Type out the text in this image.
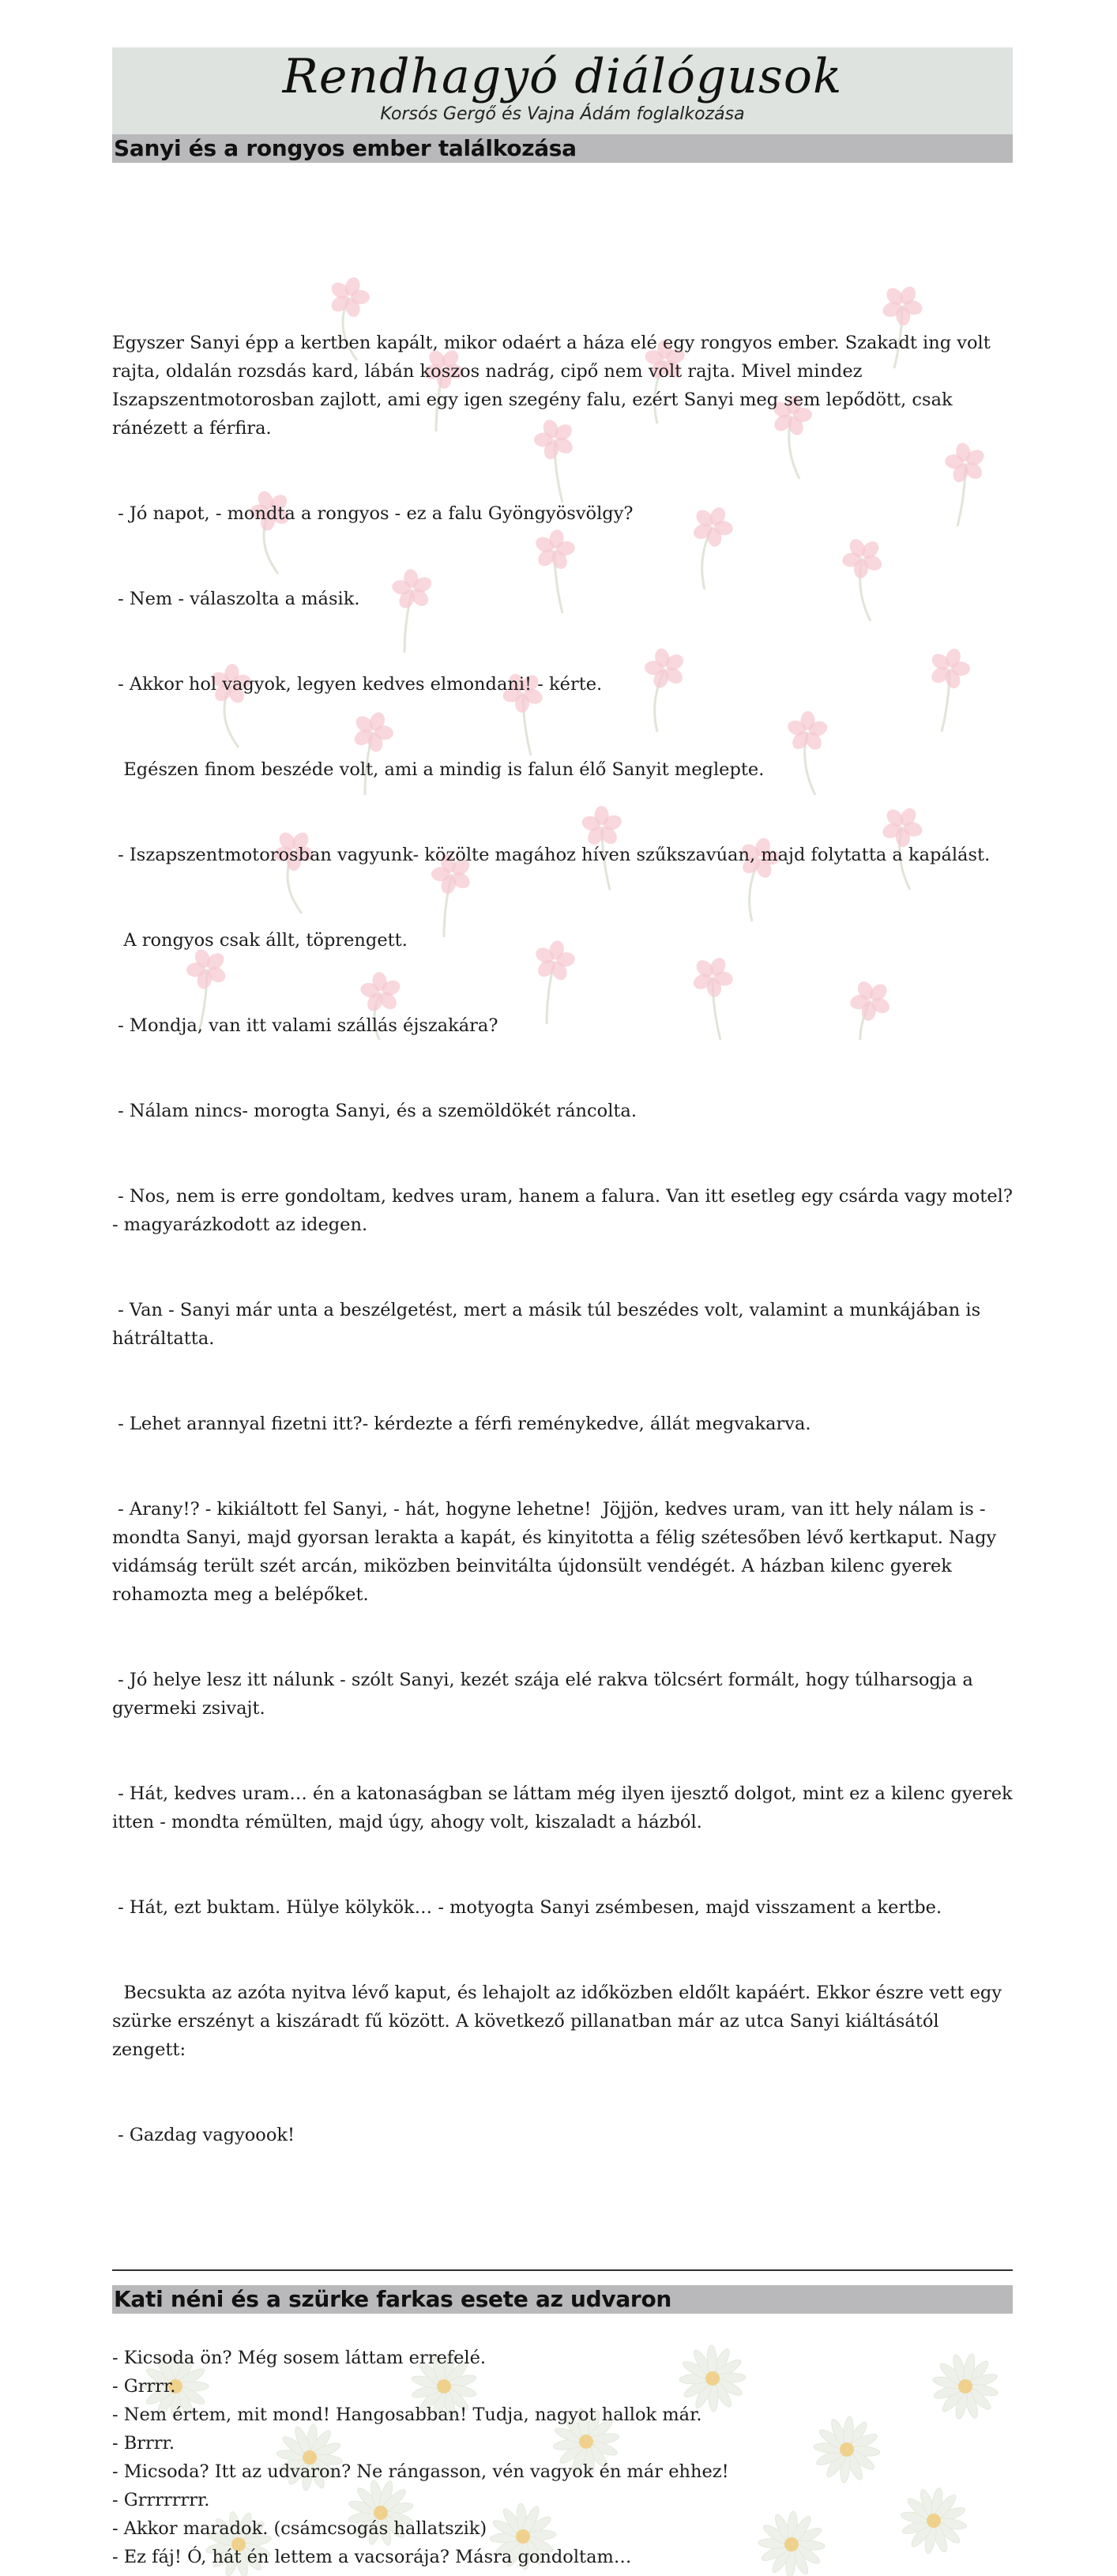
Rendhagyó diálógusok
Korsós Gergő és Vajna Ádám foglalkozása
Sanyi és a rongyos ember találkozása

Egyszer Sanyi épp a kertben kapált, mikor odaért a háza elé egy rongyos ember. Szakadt ing volt rajta, oldalán rozsdás kard, lábán koszos nadrág, cipő nem volt rajta. Mivel mindez Iszapszentmotorosban zajlott, ami egy igen szegény falu, ezért Sanyi meg sem lepődött, csak ránézett a férfira.

- Jó napot, - mondta a rongyos - ez a falu Gyöngyösvölgy?

- Nem - válaszolta a másik.

- Akkor hol vagyok, legyen kedves elmondani! - kérte.

Egészen finom beszéde volt, ami a mindig is falun élő Sanyit meglepte.

- Iszapszentmotorosban vagyunk- közölte magához híven szűkszavúan, majd folytatta a kapálást.

A rongyos csak állt, töprengett.

- Mondja, van itt valami szállás éjszakára?

- Nálam nincs- morogta Sanyi, és a szemöldökét ráncolta.

- Nos, nem is erre gondoltam, kedves uram, hanem a falura. Van itt esetleg egy csárda vagy motel?- magyarázkodott az idegen.

- Van - Sanyi már unta a beszélgetést, mert a másik túl beszédes volt, valamint a munkájában is hátráltatta.

- Lehet arannyal fizetni itt?- kérdezte a férfi reménykedve, állát megvakarva.

- Arany!? - kikiáltott fel Sanyi, - hát, hogyne lehetne!  Jöjjön, kedves uram, van itt hely nálam is - mondta Sanyi, majd gyorsan lerakta a kapát, és kinyitotta a félig szétesőben lévő kertkaput. Nagy vidámság terült szét arcán, miközben beinvitálta újdonsült vendégét. A házban kilenc gyerek rohamozta meg a belépőket.

- Jó helye lesz itt nálunk - szólt Sanyi, kezét szája elé rakva tölcsért formált, hogy túlharsogja a gyermeki zsivajt.

- Hát, kedves uram… én a katonaságban se láttam még ilyen ijesztő dolgot, mint ez a kilenc gyerek itten - mondta rémülten, majd úgy, ahogy volt, kiszaladt a házból.

- Hát, ezt buktam. Hülye kölykök… - motyogta Sanyi zsémbesen, majd visszament a kertbe.

Becsukta az azóta nyitva lévő kaput, és lehajolt az időközben eldőlt kapáért. Ekkor észre vett egy szürke erszényt a kiszáradt fű között. A következő pillanatban már az utca Sanyi kiáltásától zengett:

- Gazdag vagyoook!

Kati néni és a szürke farkas esete az udvaron
- Kicsoda ön? Még sosem láttam errefelé.
- Grrrr.
- Nem értem, mit mond! Hangosabban! Tudja, nagyot hallok már.
- Brrrr.
- Micsoda? Itt az udvaron? Ne rángasson, vén vagyok én már ehhez!
- Grrrrrrrr.
- Akkor maradok. (csámcsogás hallatszik)
- Ez fáj! Ó, hát én lettem a vacsorája? Másra gondoltam…
